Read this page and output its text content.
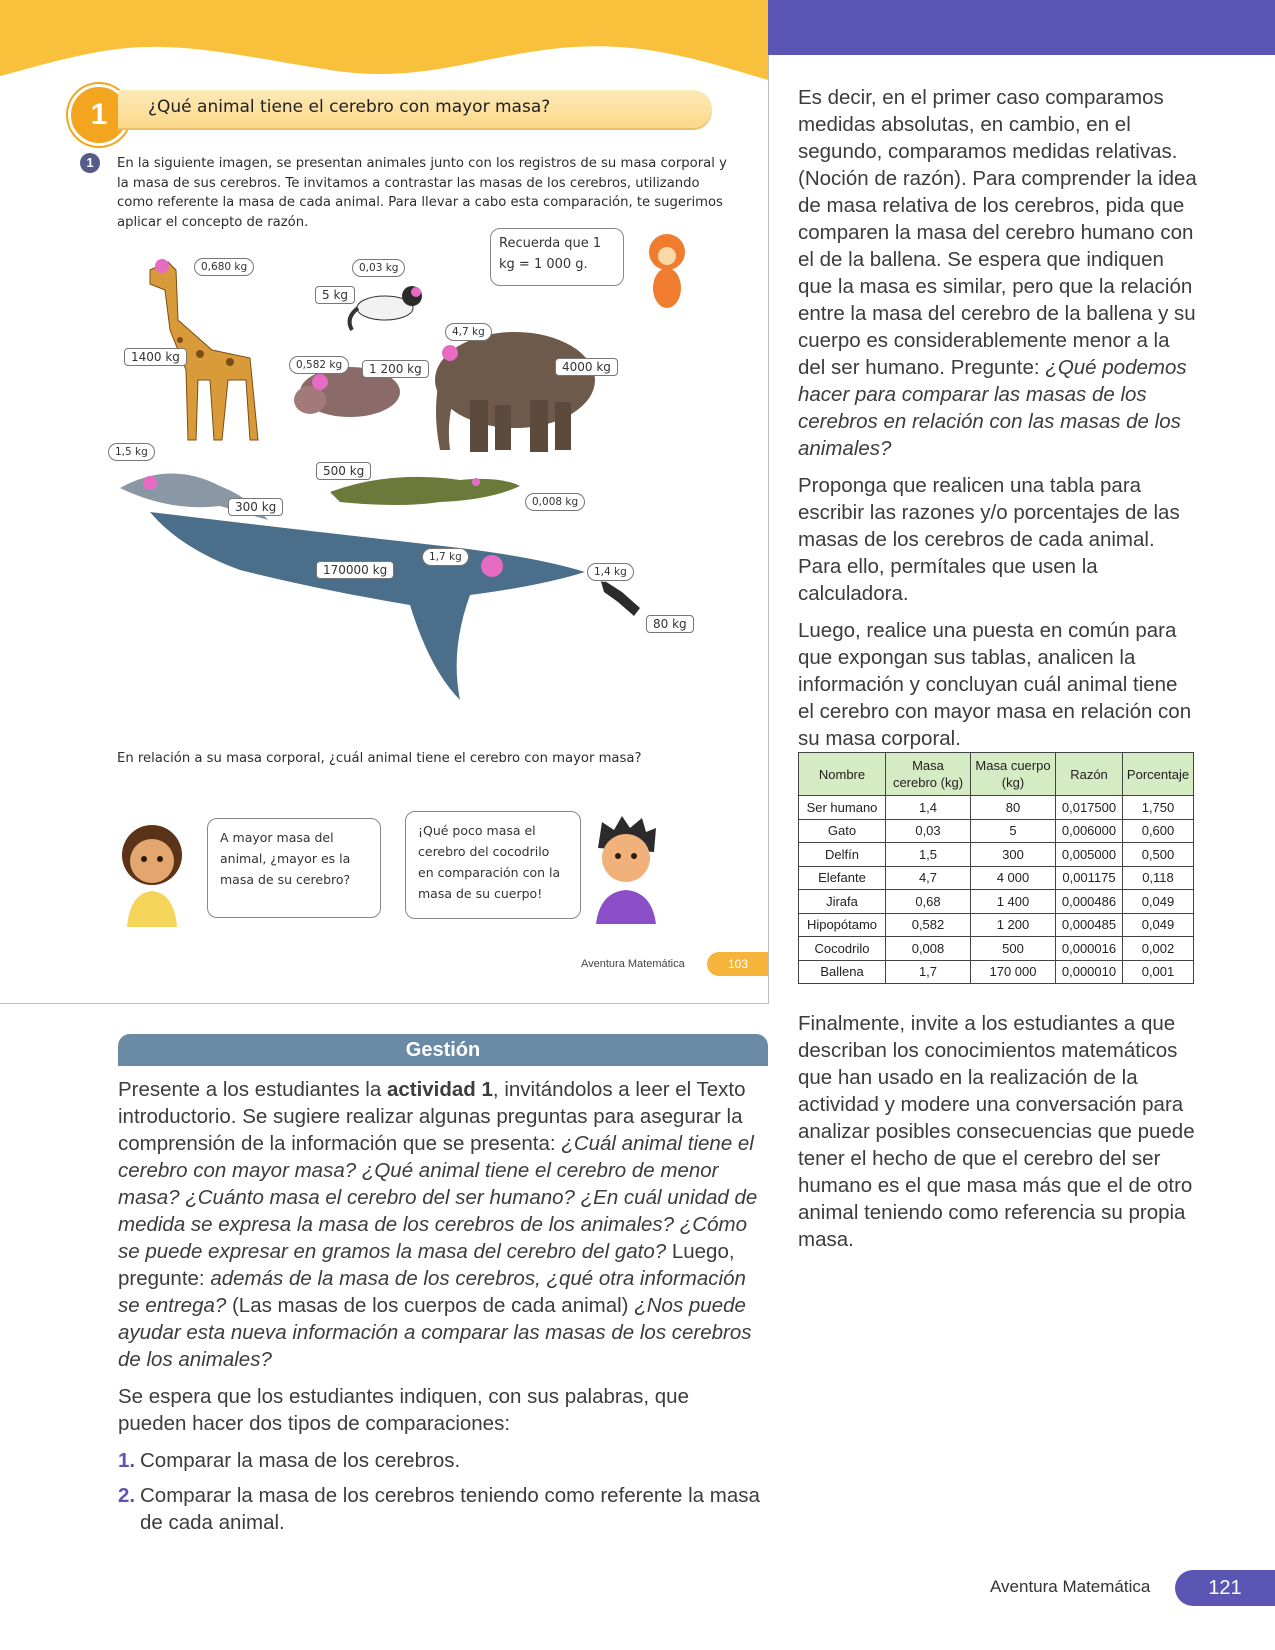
1	¿Qué animal tiene el cerebro con mayor masa?
1	En la siguiente imagen, se presentan animales junto con los registros de su masa corporal y la masa de sus cerebros. Te invitamos a contrastar las masas de los cerebros, utilizando como referente la masa de cada animal. Para llevar a cabo esta comparación, te sugerimos aplicar el concepto de razón.
Recuerda que 1 kg = 1 000 g.
0,680 kg
1400 kg
0,03 kg
5 kg
4,7 kg
4000 kg
0,582 kg	1 200 kg
1,5 kg
300 kg
500 kg
0,008 kg
1,7 kg
170000 kg	1,4 kg
80 kg
En relación a su masa corporal, ¿cuál animal tiene el cerebro con mayor masa?
A mayor masa del animal, ¿mayor es la masa de su cerebro?
¡Qué poco masa el cerebro del cocodrilo en comparación con la masa de su cuerpo!
Aventura Matemática	103

Es decir, en el primer caso comparamos medidas absolutas, en cambio, en el segundo, comparamos medidas relativas. (Noción de razón). Para comprender la idea de masa relativa de los cerebros, pida que comparen la masa del cerebro humano con el de la ballena. Se espera que indiquen que la masa es similar, pero que la relación entre la masa del cerebro de la ballena y su cuerpo es considerablemente menor a la del ser humano. Pregunte: ¿Qué podemos hacer para comparar las masas de los cerebros en relación con las masas de los animales?

Proponga que realicen una tabla para escribir las razones y/o porcentajes de las masas de los cerebros de cada animal. Para ello, permítales que usen la calculadora.

Luego, realice una puesta en común para que expongan sus tablas, analicen la información y concluyan cuál animal tiene el cerebro con mayor masa en relación con su masa corporal.

Nombre	Masa cerebro (kg)	Masa cuerpo (kg)	Razón	Porcentaje
Ser humano	1,4	80	0,017500	1,750
Gato	0,03	5	0,006000	0,600
Delfín	1,5	300	0,005000	0,500
Elefante	4,7	4 000	0,001175	0,118
Jirafa	0,68	1 400	0,000486	0,049
Hipopótamo	0,582	1 200	0,000485	0,049
Cocodrilo	0,008	500	0,000016	0,002
Ballena	1,7	170 000	0,000010	0,001

Finalmente, invite a los estudiantes a que describan los conocimientos matemáticos que han usado en la realización de la actividad y modere una conversación para analizar posibles consecuencias que puede tener el hecho de que el cerebro del ser humano es el que masa más que el de otro animal teniendo como referencia su propia masa.

Gestión

Presente a los estudiantes la actividad 1, invitándolos a leer el Texto introductorio. Se sugiere realizar algunas preguntas para asegurar la comprensión de la información que se presenta: ¿Cuál animal tiene el cerebro con mayor masa? ¿Qué animal tiene el cerebro de menor masa? ¿Cuánto masa el cerebro del ser humano? ¿En cuál unidad de medida se expresa la masa de los cerebros de los animales? ¿Cómo se puede expresar en gramos la masa del cerebro del gato? Luego, pregunte: además de la masa de los cerebros, ¿qué otra información se entrega? (Las masas de los cuerpos de cada animal) ¿Nos puede ayudar esta nueva información a comparar las masas de los cerebros de los animales?

Se espera que los estudiantes indiquen, con sus palabras, que pueden hacer dos tipos de comparaciones:

1. Comparar la masa de los cerebros.
2. Comparar la masa de los cerebros teniendo como referente la masa de cada animal.
Aventura Matemática	121
